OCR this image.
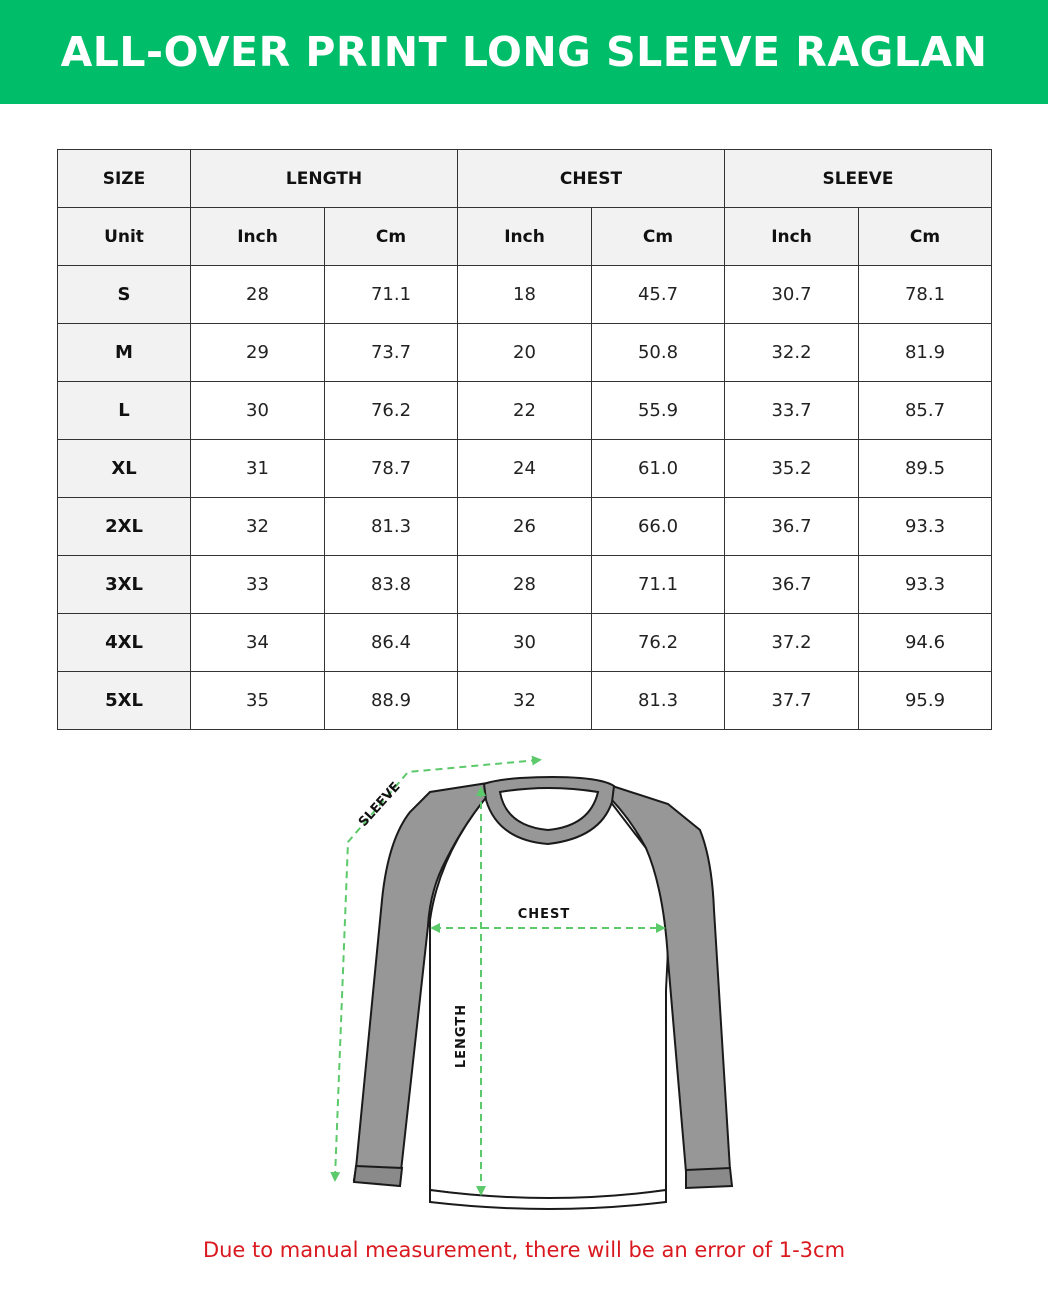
ALL-OVER PRINT LONG SLEEVE RAGLAN
SIZE	LENGTH		CHEST		SLEEVE	
Unit	Inch	Cm	Inch	Cm	Inch	Cm
S	28	71.1	18	45.7	30.7	78.1
M	29	73.7	20	50.8	32.2	81.9
L	30	76.2	22	55.9	33.7	85.7
XL	31	78.7	24	61.0	35.2	89.5
2XL	32	81.3	26	66.0	36.7	93.3
3XL	33	83.8	28	71.1	36.7	93.3
4XL	34	86.4	30	76.2	37.2	94.6
5XL	35	88.9	32	81.3	37.7	95.9
SLEEVE
CHEST
LENGTH
Due to manual measurement, there will be an error of 1-3cm
